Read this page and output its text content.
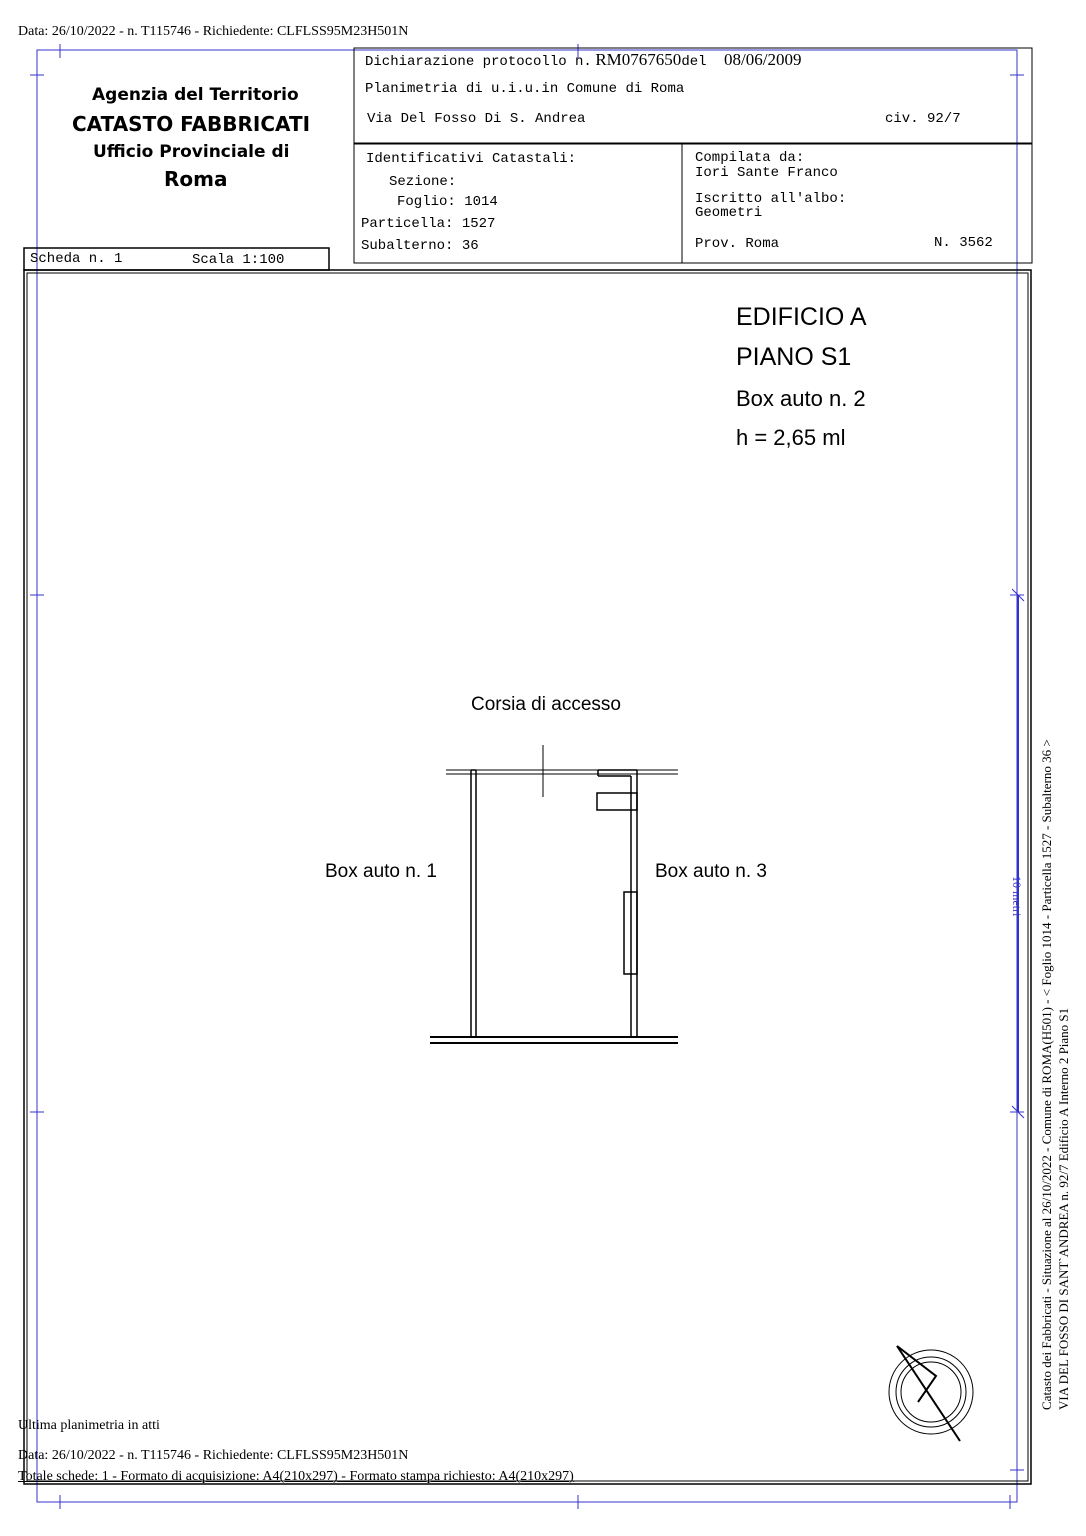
Data: 26/10/2022 - n. T115746 - Richiedente: CLFLSS95M23H501N
Agenzia del Territorio
CATASTO FABBRICATI
Ufficio Provinciale di
Roma
Scheda n. 1	Scala 1:100
Dichiarazione protocollo n. RM0767650del 08/06/2009
Planimetria di u.i.u.in Comune di Roma
Via Del Fosso Di S. Andrea	civ. 92/7
Identificativi Catastali:
Sezione:
Foglio: 1014
Particella: 1527
Subalterno: 36
Compilata da:
Iori Sante Franco
Iscritto all'albo:
Geometri
Prov. Roma	N. 3562
EDIFICIO A
PIANO S1
Box auto n. 2
h = 2,65 ml
Corsia di accesso
Box auto n. 1	Box auto n. 3
10 metri Catasto dei Fabbricati - Situazione al 26/10/2022 - Comune di ROMA(H501) - < Foglio 1014 - Particella 1527 - Subalterno 36 > VIA DEL FOSSO DI SANT`ANDREA n. 92/7 Edificio A Interno 2 Piano S1
Ultima planimetria in atti
Data: 26/10/2022 - n. T115746 - Richiedente: CLFLSS95M23H501N
Totale schede: 1 - Formato di acquisizione: A4(210x297) - Formato stampa richiesto: A4(210x297)
